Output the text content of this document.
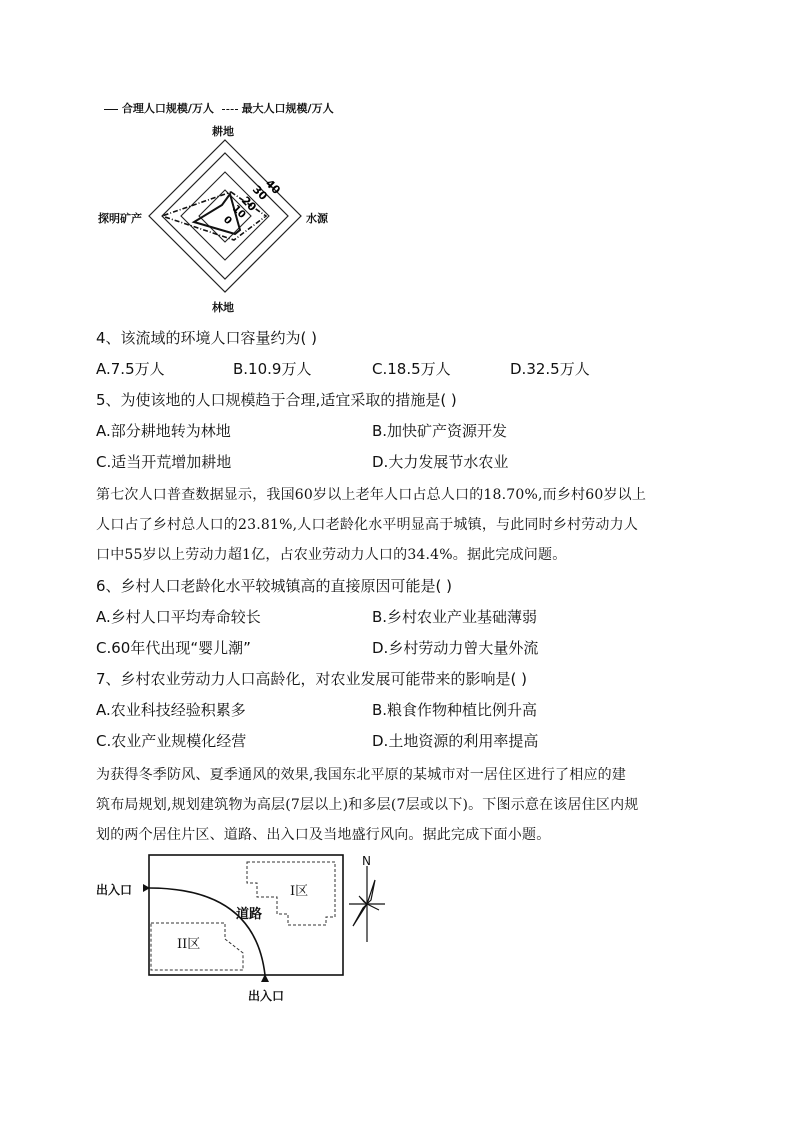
合理人口规模/万人	最大人口规模/万人
40
30
20
10
0
耕地
水源
林地
探明矿产
4、该流域的环境人口容量约为( )
A.7.5万人	B.10.9万人	C.18.5万人	D.32.5万人
5、为使该地的人口规模趋于合理,适宜采取的措施是( )
A.部分耕地转为林地	B.加快矿产资源开发
C.适当开荒增加耕地	D.大力发展节水农业
第七次人口普查数据显示，我国60岁以上老年人口占总人口的18.70%,而乡村60岁以上
人口占了乡村总人口的23.81%,人口老龄化水平明显高于城镇，与此同时乡村劳动力人
口中55岁以上劳动力超1亿，占农业劳动力人口的34.4%。据此完成问题。
6、乡村人口老龄化水平较城镇高的直接原因可能是( )
A.乡村人口平均寿命较长	B.乡村农业产业基础薄弱
C.60年代出现“婴儿潮”	D.乡村劳动力曾大量外流
7、乡村农业劳动力人口高龄化，对农业发展可能带来的影响是( )
A.农业科技经验积累多	B.粮食作物种植比例升高
C.农业产业规模化经营	D.土地资源的利用率提高
为获得冬季防风、夏季通风的效果,我国东北平原的某城市对一居住区进行了相应的建
筑布局规划,规划建筑物为高层(7层以上)和多层(7层或以下)。下图示意在该居住区内规
划的两个居住片区、道路、出入口及当地盛行风向。据此完成下面小题。
出入口
出入口
I区
II区
道路
N
